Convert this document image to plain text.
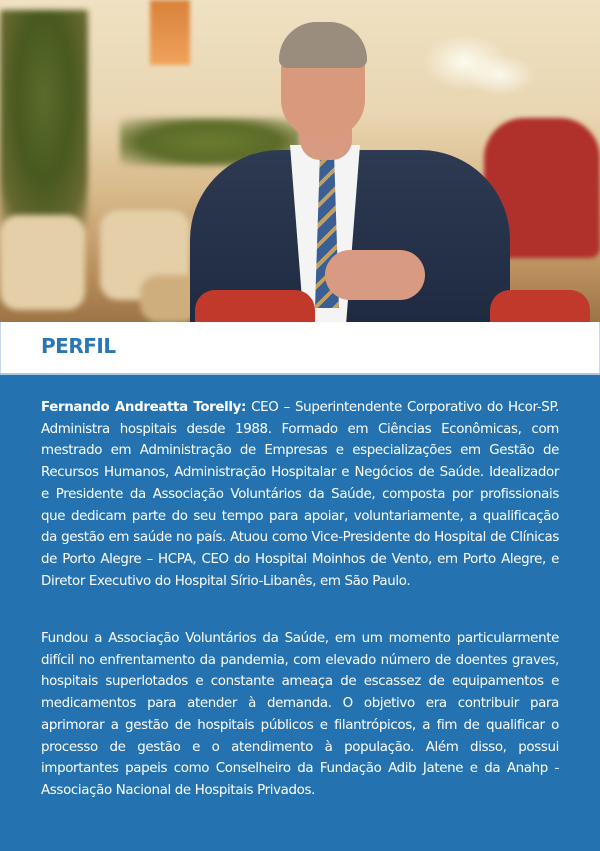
PERFIL
Fernando Andreatta Torelly: CEO – Superintendente Corporativo do Hcor-SP. Administra hospitais desde 1988. Formado em Ciências Econômicas, com mestrado em Administração de Empresas e especializações em Gestão de Recursos Humanos, Administração Hospitalar e Negócios de Saúde. Idealizador e Presidente da Associação Voluntários da Saúde, composta por profissionais que dedicam parte do seu tempo para apoiar, voluntariamente, a qualificação da gestão em saúde no país. Atuou como Vice-Presidente do Hospital de Clínicas de Porto Alegre – HCPA, CEO do Hospital Moinhos de Vento, em Porto Alegre, e Diretor Executivo do Hospital Sírio-Libanês, em São Paulo.
Fundou a Associação Voluntários da Saúde, em um momento particularmente difícil no enfrentamento da pandemia, com elevado número de doentes graves, hospitais superlotados e constante ameaça de escassez de equipamentos e medicamentos para atender à demanda. O objetivo era contribuir para aprimorar a gestão de hospitais públicos e filantrópicos, a fim de qualificar o processo de gestão e o atendimento à população. Além disso, possui importantes papeis como Conselheiro da Fundação Adib Jatene e da Anahp - Associação Nacional de Hospitais Privados.
